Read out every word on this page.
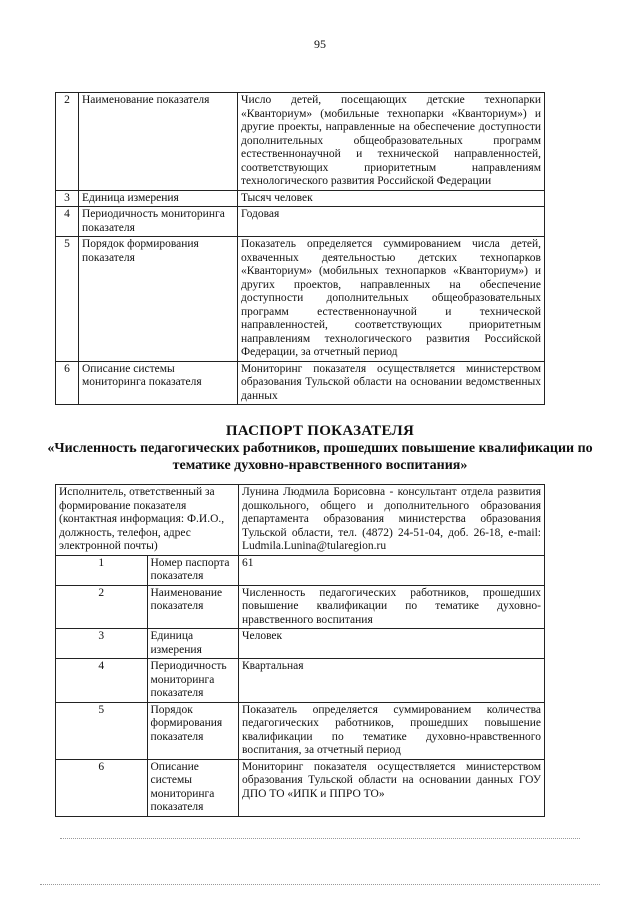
95
2	Наименование показателя	Число детей, посещающих детские технопарки «Кванториум» (мобильные технопарки «Кванториум») и другие проекты, направленные на обеспечение доступности дополнительных общеобразовательных программ естественнонаучной и технической направленностей, соответствующих приоритетным направлениям технологического развития Российской Федерации
3	Единица измерения	Тысяч человек
4	Периодичность мониторинга показателя	Годовая
5	Порядок формирования показателя	Показатель определяется суммированием числа детей, охваченных деятельностью детских технопарков «Кванториум» (мобильных технопарков «Кванториум») и других проектов, направленных на обеспечение доступности дополнительных общеобразовательных программ естественнонаучной и технической направленностей, соответствующих приоритетным направлениям технологического развития Российской Федерации, за отчетный период
6	Описание системы мониторинга показателя	Мониторинг показателя осуществляется министерством образования Тульской области на основании ведомственных данных
ПАСПОРТ ПОКАЗАТЕЛЯ
«Численность педагогических работников, прошедших повышение квалификации по тематике духовно-нравственного воспитания»
Исполнитель, ответственный за формирование показателя (контактная информация: Ф.И.О., должность, телефон, адрес электронной почты)		Лунина Людмила Борисовна - консультант отдела развития дошкольного, общего и дополнительного образования департамента образования министерства образования Тульской области, тел. (4872) 24-51-04, доб. 26-18, e-mail: Ludmila.Lunina@tularegion.ru
1	Номер паспорта показателя	61
2	Наименование показателя	Численность педагогических работников, прошедших повышение квалификации по тематике духовно-нравственного воспитания
3	Единица измерения	Человек
4	Периодичность мониторинга показателя	Квартальная
5	Порядок формирования показателя	Показатель определяется суммированием количества педагогических работников, прошедших повышение квалификации по тематике духовно-нравственного воспитания, за отчетный период
6	Описание системы мониторинга показателя	Мониторинг показателя осуществляется министерством образования Тульской области на основании данных ГОУ ДПО ТО «ИПК и ППРО ТО»
